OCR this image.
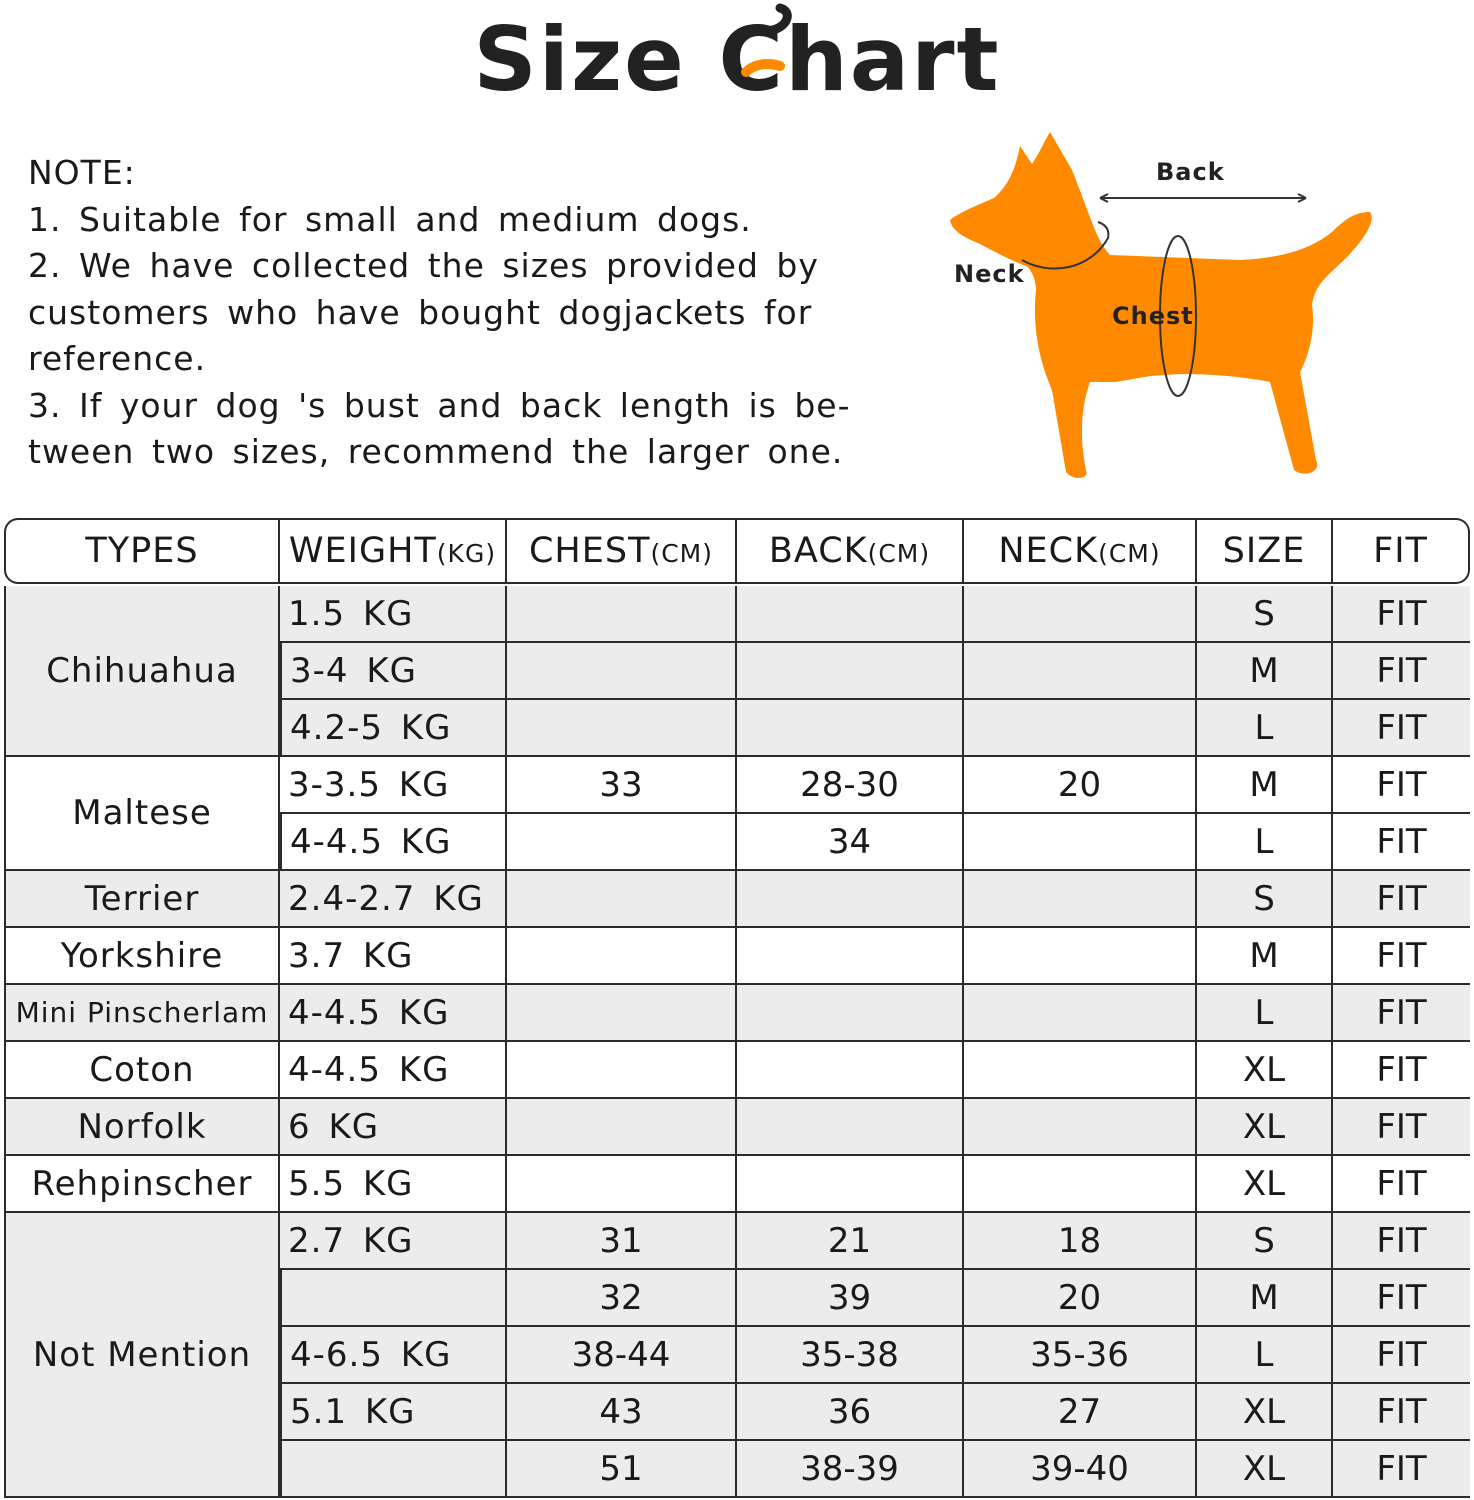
Size Chart

NOTE:

1. Suitable for small and medium dogs.

2. We have collected the sizes provided by customers who have bought dogjackets for reference.

3. If your dog 's bust and back length is be- tween two sizes, recommend the larger one.

Back
Neck
Chest
TYPES	WEIGHT(KG)	CHEST(CM)	BACK(CM)	NECK(CM)	SIZE	FIT

Chihuahua	1.5 KG				S	FIT
	3-4 KG				M	FIT
	4.2-5 KG				L	FIT
Maltese	3-3.5 KG	33	28-30	20	M	FIT
	4-4.5 KG		34		L	FIT
Terrier	2.4-2.7 KG				S	FIT
Yorkshire	3.7 KG				M	FIT
Mini Pinscherlam	4-4.5 KG				L	FIT
Coton	4-4.5 KG				XL	FIT
Norfolk	6 KG				XL	FIT
Rehpinscher	5.5 KG				XL	FIT
Not Mention	2.7 KG	31	21	18	S	FIT
		32	39	20	M	FIT
	4-6.5 KG	38-44	35-38	35-36	L	FIT
	5.1 KG	43	36	27	XL	FIT
		51	38-39	39-40	XL	FIT
